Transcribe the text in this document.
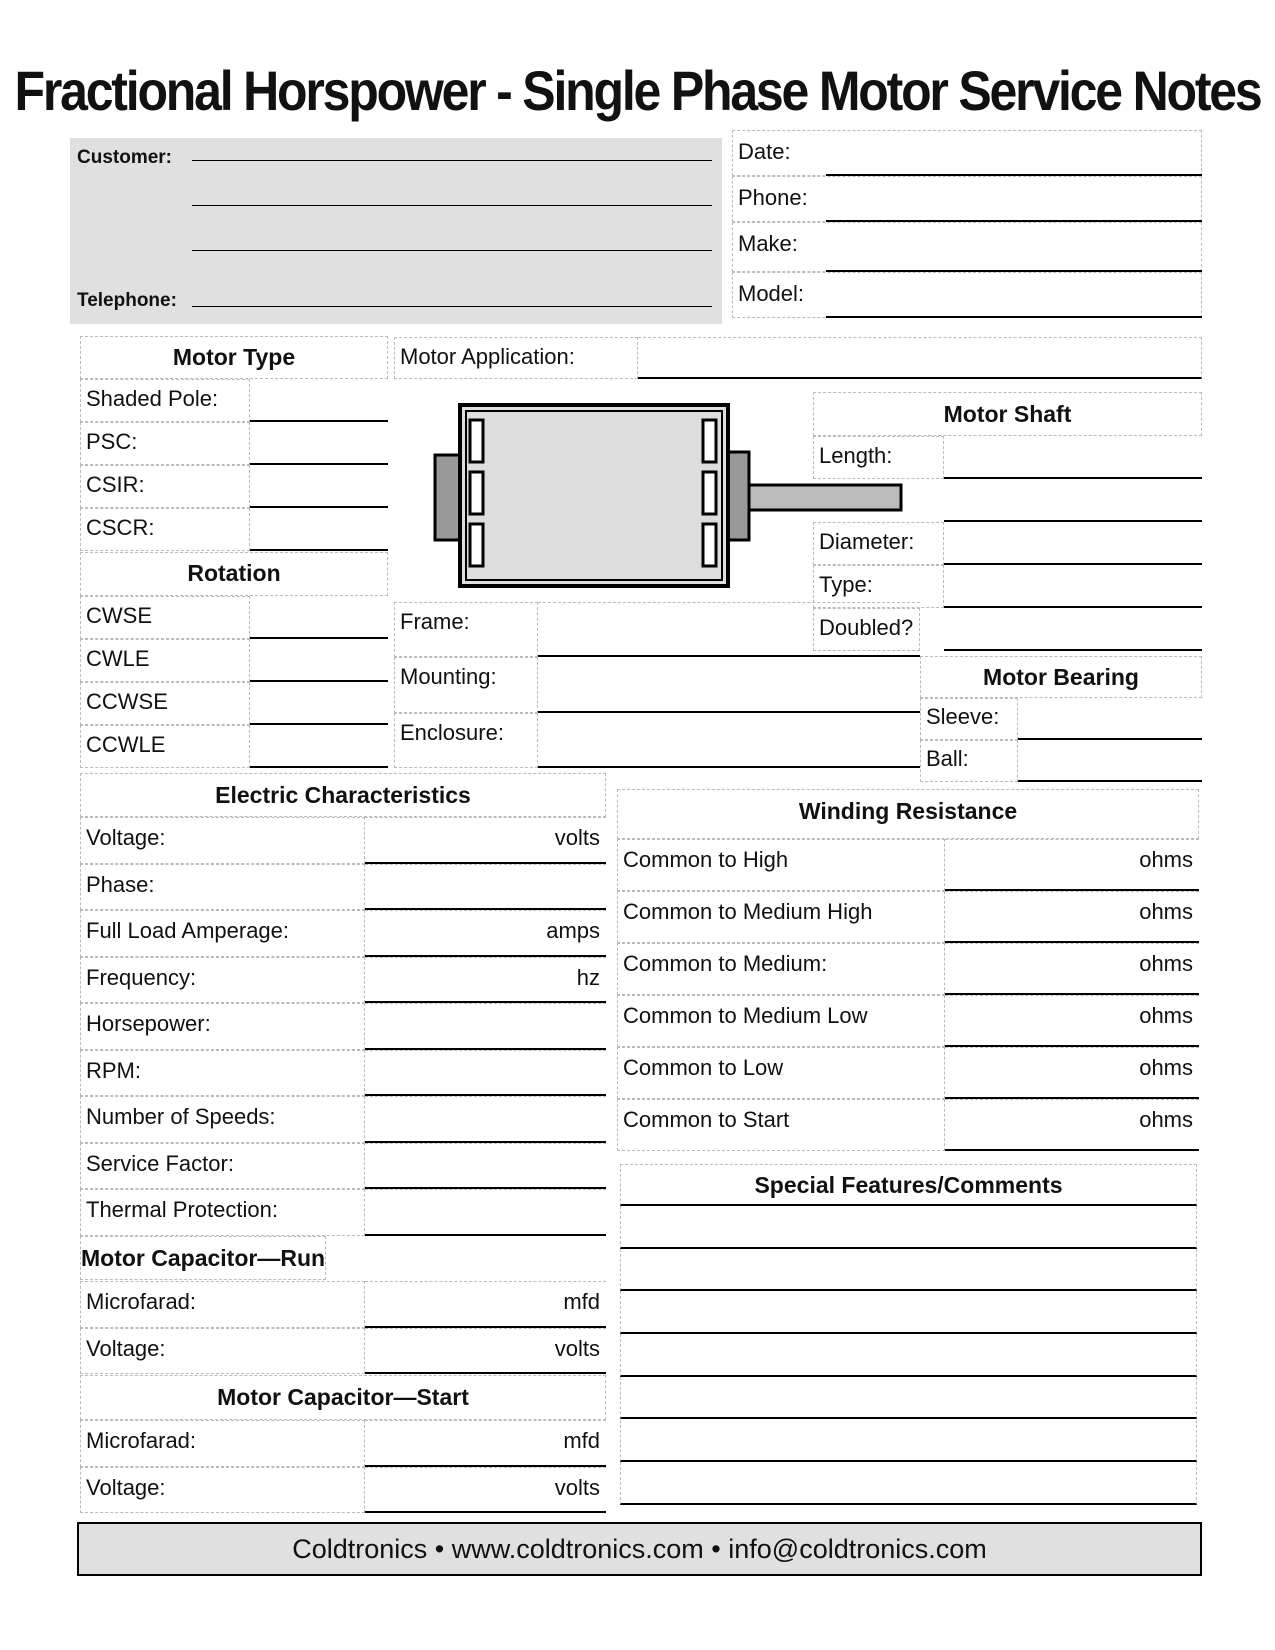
Fractional Horspower - Single Phase Motor Service Notes
Customer:
Telephone:
Date:
Phone:
Make:
Model:
Motor Type
Shaded Pole:
PSC:
CSIR:
CSCR:
Rotation
CWSE
CWLE
CCWSE
CCWLE
Motor Application:
Motor Shaft
Length:
Diameter:
Type:
Doubled?
Frame:
Mounting:
Enclosure:
Motor Bearing
Sleeve:
Ball:
Electric Characteristics
Voltage:	volts
Phase:
Full Load Amperage:	amps
Frequency:	hz
Horsepower:
RPM:
Number of Speeds:
Service Factor:
Thermal Protection:
Motor Capacitor—Run
Microfarad:	mfd
Voltage:	volts
Motor Capacitor—Start
Microfarad:	mfd
Voltage:	volts
Winding Resistance
Common to High	ohms
Common to Medium High	ohms
Common to Medium:	ohms
Common to Medium Low	ohms
Common to Low	ohms
Common to Start	ohms
Special Features/Comments
Coldtronics • www.coldtronics.com • info@coldtronics.com
